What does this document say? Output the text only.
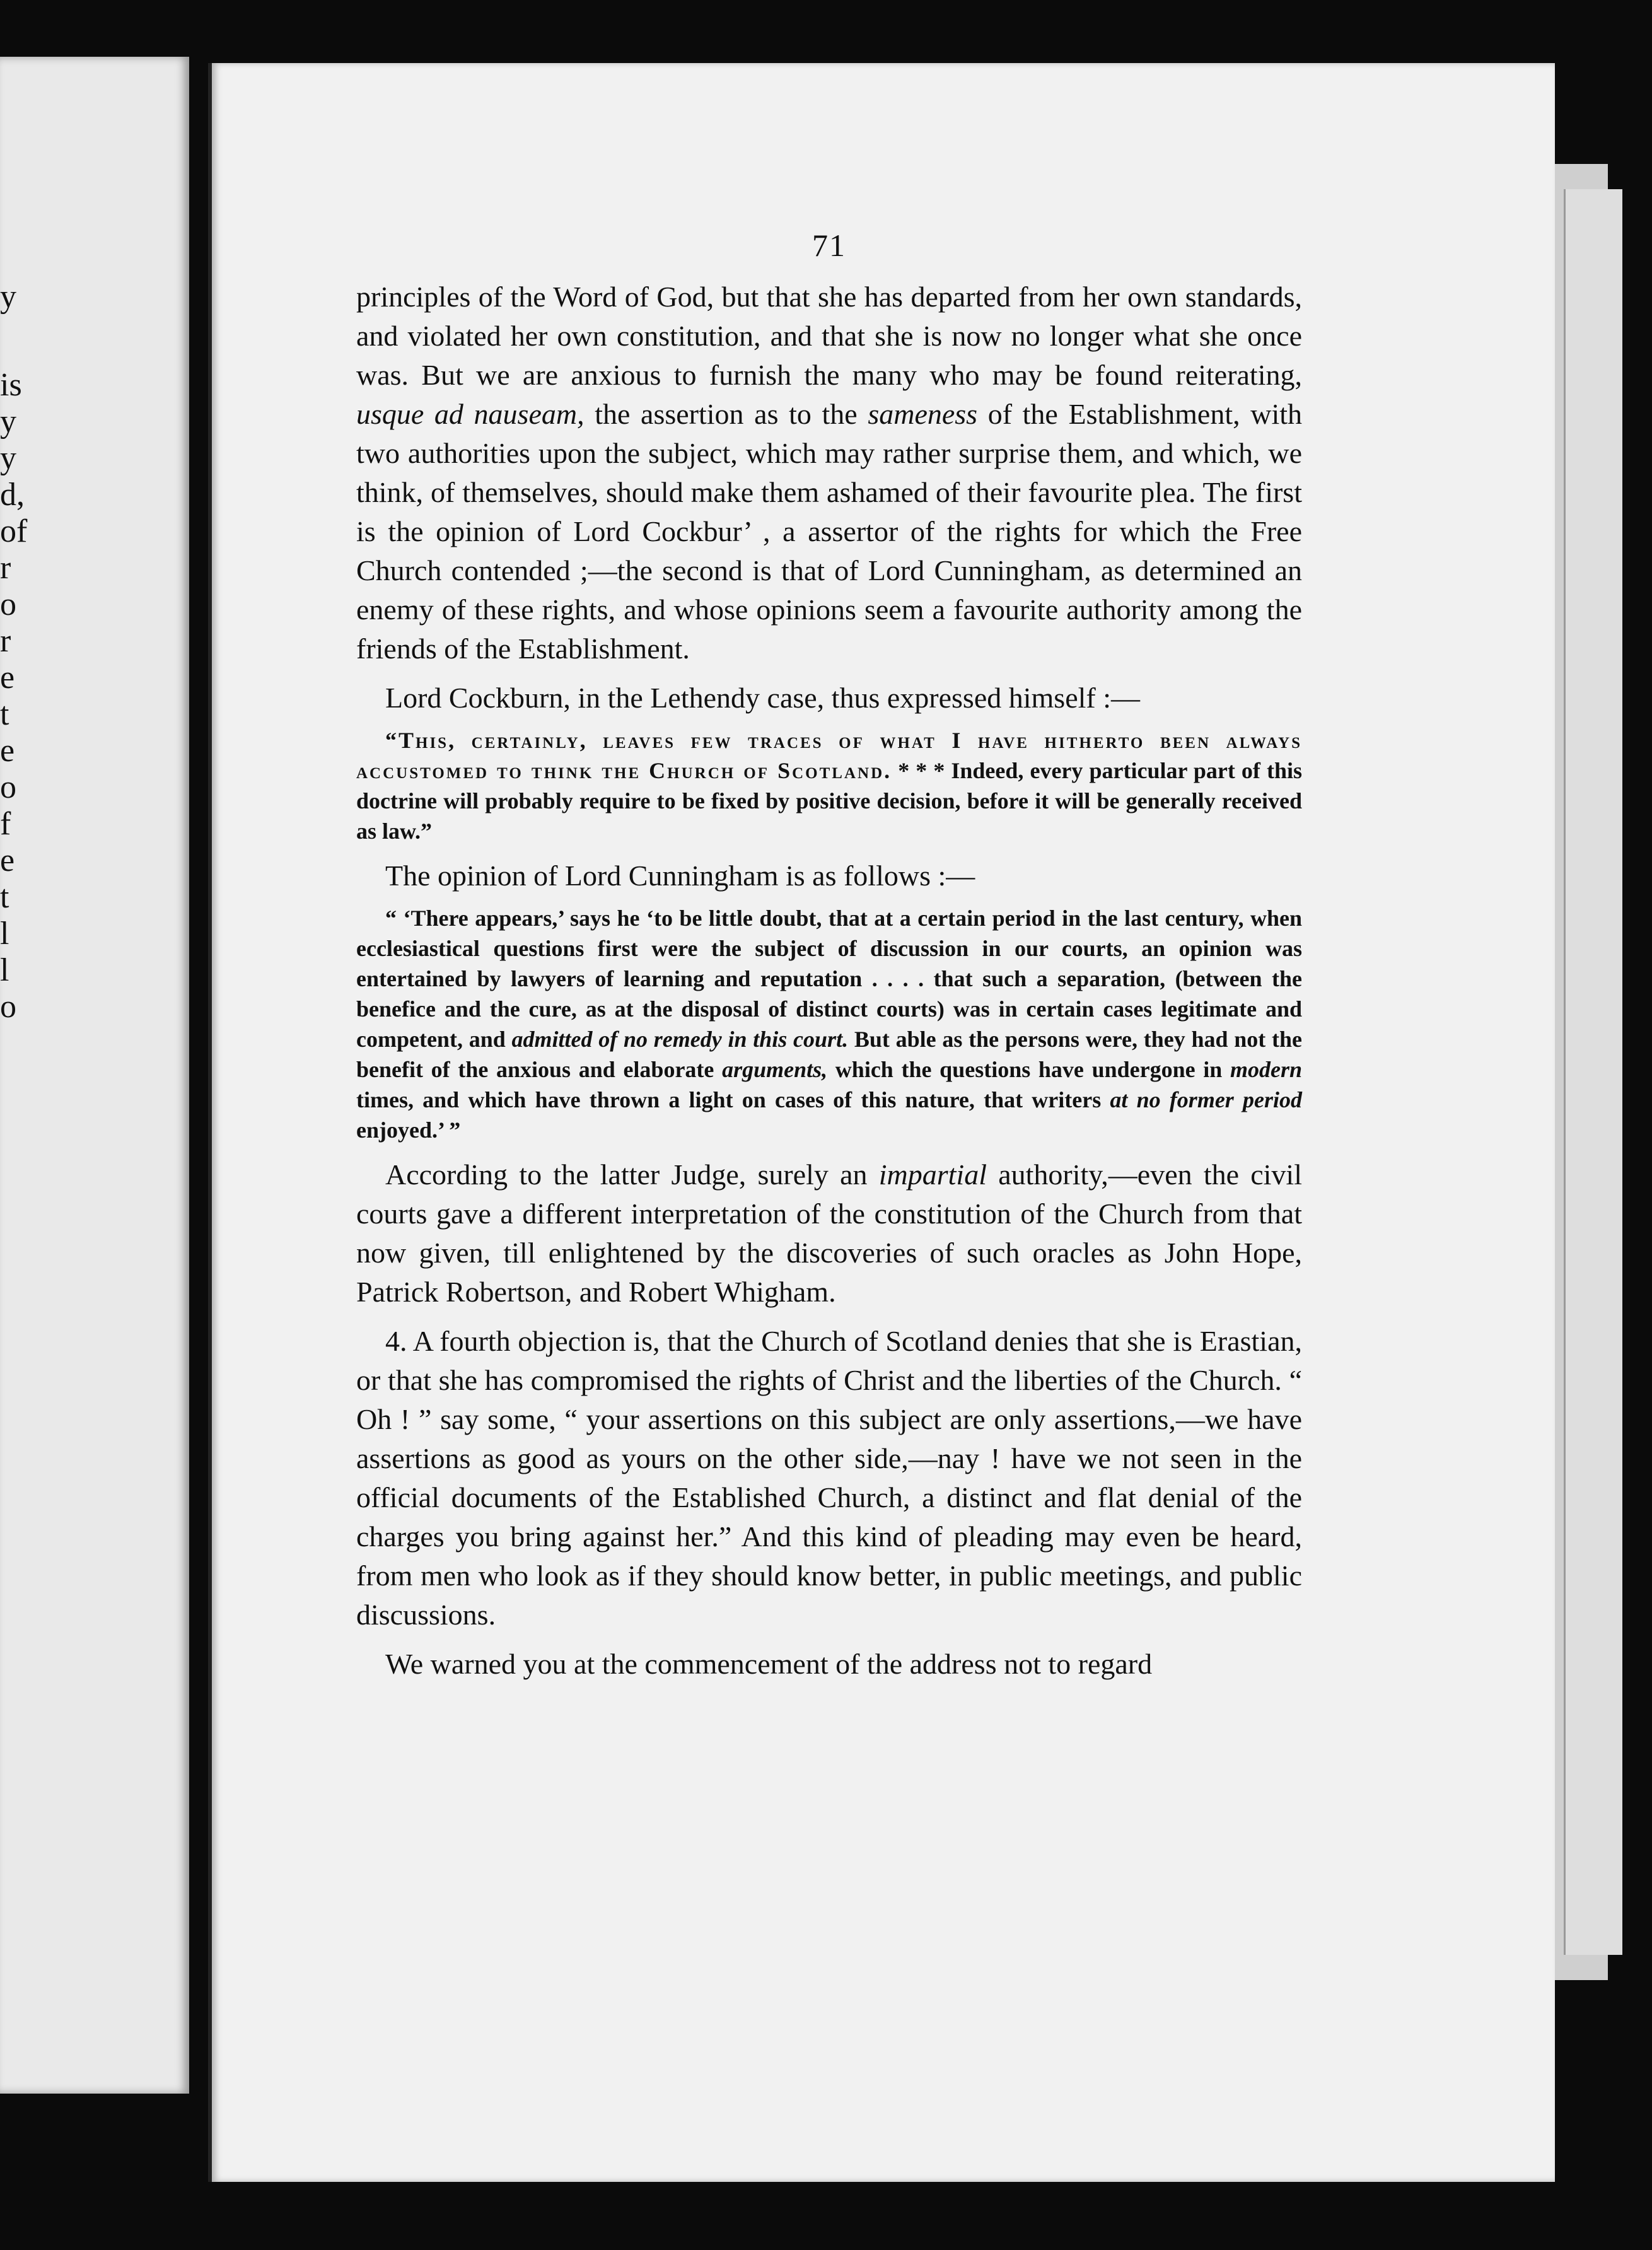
y
is
y
y
d,
of
r
o
r
e
t
e
o
f
e
t
l
l
o

71

principles of the Word of God, but that she has departed from her own standards, and violated her own constitution, and that she is now no longer what she once was. But we are anxious to furnish the many who may be found reiterating, usque ad nauseam, the assertion as to the sameness of the Establishment, with two authorities upon the subject, which may rather surprise them, and which, we think, of themselves, should make them ashamed of their favourite plea. The first is the opinion of Lord Cockbur’ , a assertor of the rights for which the Free Church contended ;—the second is that of Lord Cunningham, as determined an enemy of these rights, and whose opinions seem a favourite authority among the friends of the Establishment.

Lord Cockburn, in the Lethendy case, thus expressed himself :—

“This, certainly, leaves few traces of what I have hitherto been always accustomed to think the Church of Scotland. * * * Indeed, every particular part of this doctrine will probably require to be fixed by positive decision, before it will be generally received as law.”

The opinion of Lord Cunningham is as follows :—

“ ‘There appears,’ says he ‘to be little doubt, that at a certain period in the last century, when ecclesiastical questions first were the subject of discussion in our courts, an opinion was entertained by lawyers of learning and reputation . . . . that such a separation, (between the benefice and the cure, as at the disposal of distinct courts) was in certain cases legitimate and competent, and admitted of no remedy in this court. But able as the persons were, they had not the benefit of the anxious and elaborate arguments, which the questions have undergone in modern times, and which have thrown a light on cases of this nature, that writers at no former period enjoyed.’ ”

According to the latter Judge, surely an impartial authority,—even the civil courts gave a different interpretation of the constitution of the Church from that now given, till enlightened by the discoveries of such oracles as John Hope, Patrick Robertson, and Robert Whigham.

4. A fourth objection is, that the Church of Scotland denies that she is Erastian, or that she has compromised the rights of Christ and the liberties of the Church. “ Oh ! ” say some, “ your assertions on this subject are only assertions,—we have assertions as good as yours on the other side,—nay ! have we not seen in the official documents of the Established Church, a distinct and flat denial of the charges you bring against her.” And this kind of pleading may even be heard, from men who look as if they should know better, in public meetings, and public discussions.

We warned you at the commencement of the address not to regard
